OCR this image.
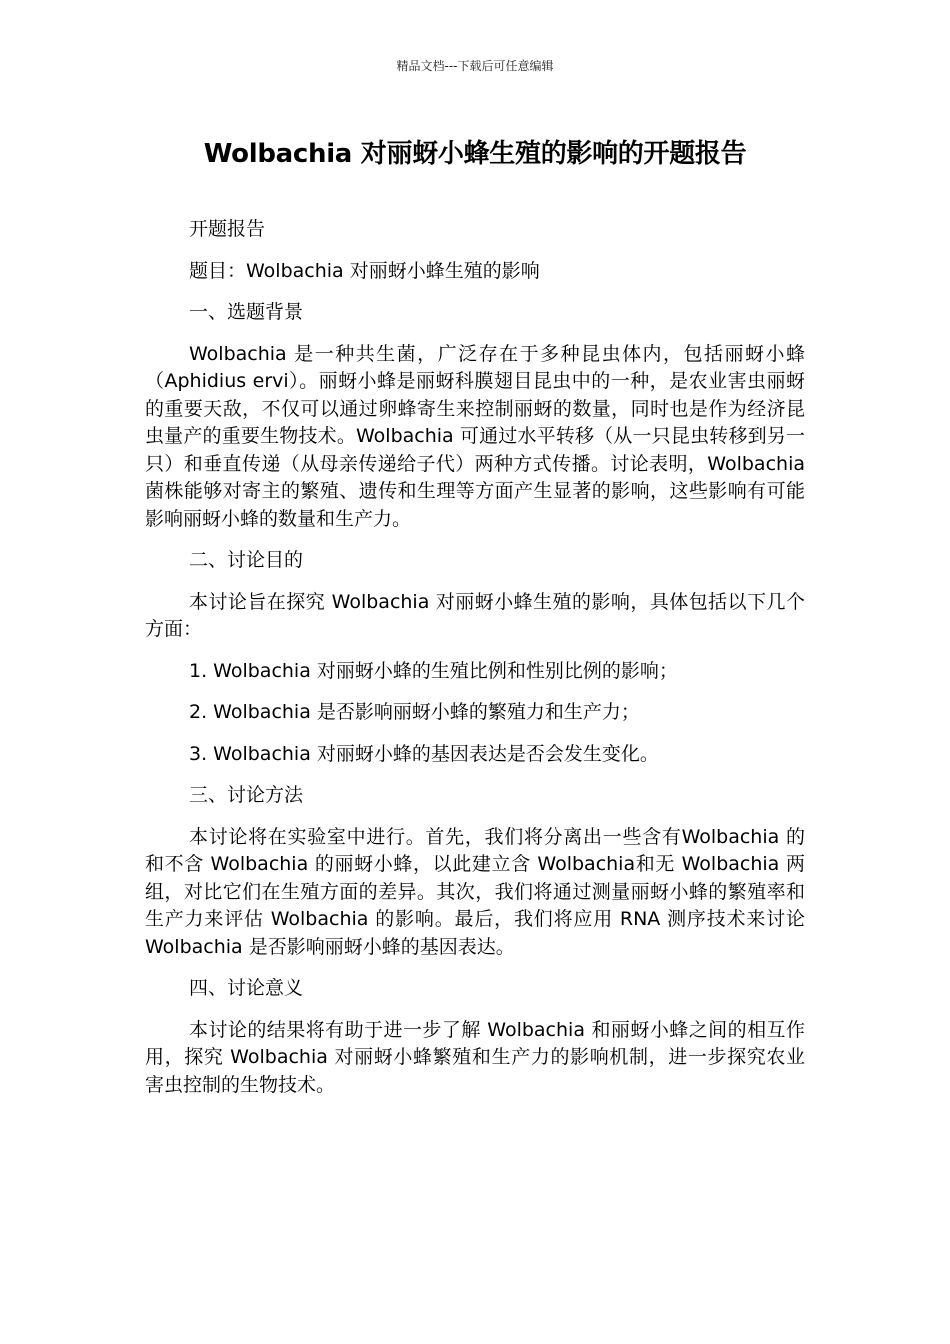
精品文档---下载后可任意编辑
Wolbachia 对丽蚜小蜂生殖的影响的开题报告

开题报告

题目：Wolbachia 对丽蚜小蜂生殖的影响

一、选题背景

Wolbachia 是一种共生菌，广泛存在于多种昆虫体内，包括丽蚜小蜂（Aphidius ervi）。丽蚜小蜂是丽蚜科膜翅目昆虫中的一种，是农业害虫丽蚜的重要天敌，不仅可以通过卵蜂寄生来控制丽蚜的数量，同时也是作为经济昆虫量产的重要生物技术。Wolbachia 可通过水平转移（从一只昆虫转移到另一只）和垂直传递（从母亲传递给子代）两种方式传播。讨论表明，Wolbachia 菌株能够对寄主的繁殖、遗传和生理等方面产生显著的影响，这些影响有可能影响丽蚜小蜂的数量和生产力。

二、讨论目的

本讨论旨在探究 Wolbachia 对丽蚜小蜂生殖的影响，具体包括以下几个方面：

1. Wolbachia 对丽蚜小蜂的生殖比例和性别比例的影响；

2. Wolbachia 是否影响丽蚜小蜂的繁殖力和生产力；

3. Wolbachia 对丽蚜小蜂的基因表达是否会发生变化。

三、讨论方法

本讨论将在实验室中进行。首先，我们将分离出一些含有Wolbachia 的和不含 Wolbachia 的丽蚜小蜂，以此建立含 Wolbachia和无 Wolbachia 两组，对比它们在生殖方面的差异。其次，我们将通过测量丽蚜小蜂的繁殖率和生产力来评估 Wolbachia 的影响。最后，我们将应用 RNA 测序技术来讨论 Wolbachia 是否影响丽蚜小蜂的基因表达。

四、讨论意义

本讨论的结果将有助于进一步了解 Wolbachia 和丽蚜小蜂之间的相互作用，探究 Wolbachia 对丽蚜小蜂繁殖和生产力的影响机制，进一步探究农业害虫控制的生物技术。
